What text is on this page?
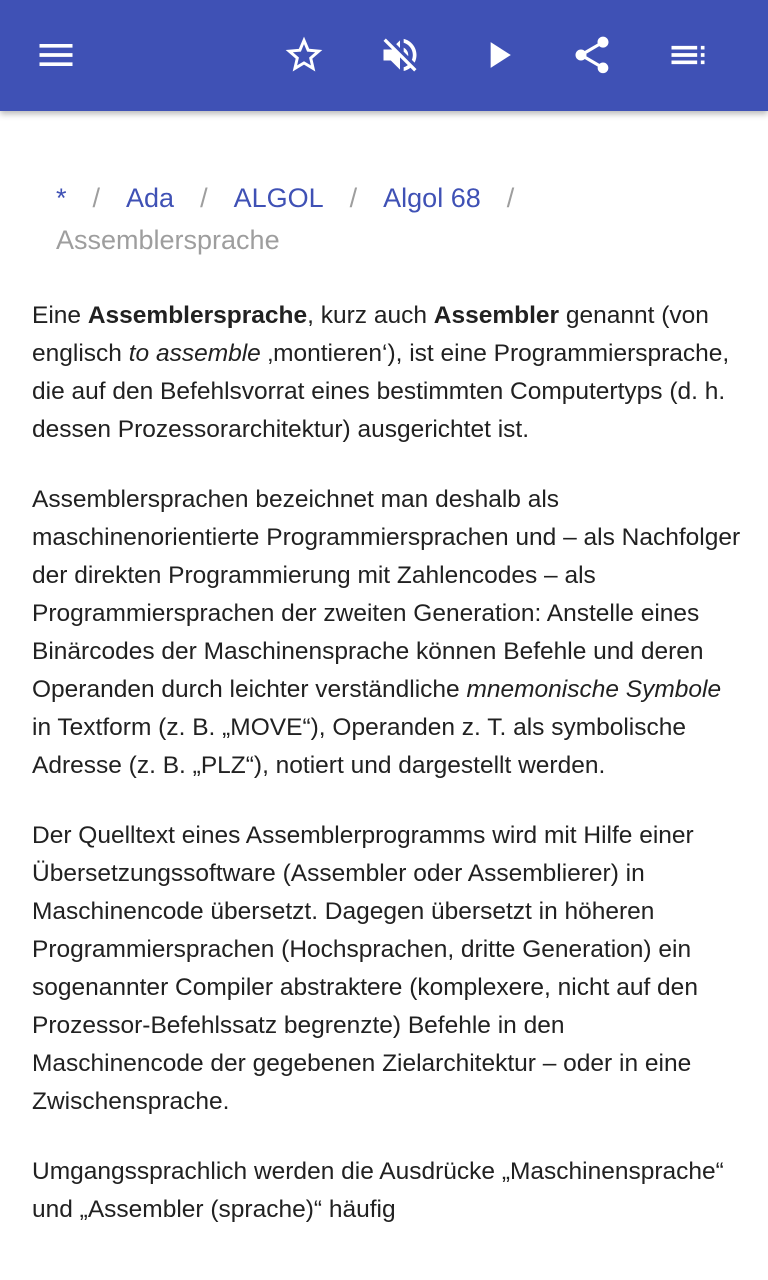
* / Ada / ALGOL / Algol 68 /
Assemblersprache

Eine Assemblersprache, kurz auch Assembler genannt (von englisch to assemble ‚montieren‘), ist eine Programmiersprache, die auf den Befehlsvorrat eines bestimmten Computertyps (d. h. dessen Prozessorarchitektur) ausgerichtet ist.

Assemblersprachen bezeichnet man deshalb als maschinenorientierte Programmiersprachen und – als Nachfolger der direkten Programmierung mit Zahlencodes – als Programmiersprachen der zweiten Generation: Anstelle eines Binärcodes der Maschinensprache können Befehle und deren Operanden durch leichter verständliche mnemonische Symbole in Textform (z. B. „MOVE“), Operanden z. T. als symbolische Adresse (z. B. „PLZ“), notiert und dargestellt werden.

Der Quelltext eines Assemblerprogramms wird mit Hilfe einer Übersetzungssoftware (Assembler oder Assemblierer) in Maschinencode übersetzt. Dagegen übersetzt in höheren Programmiersprachen (Hochsprachen, dritte Generation) ein sogenannter Compiler abstraktere (komplexere, nicht auf den Prozessor-Befehlssatz begrenzte) Befehle in den Maschinencode der gegebenen Zielarchitektur – oder in eine Zwischensprache.

Umgangssprachlich werden die Ausdrücke „Maschinensprache“ und „Assembler (sprache)“ häufig
